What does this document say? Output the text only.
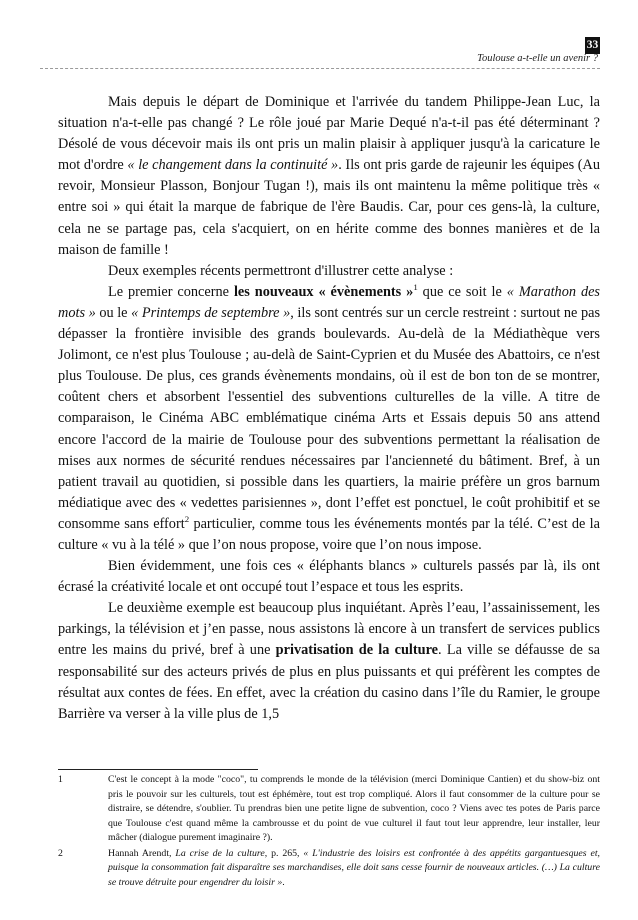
33
Toulouse a-t-elle un avenir ?

Mais depuis le départ de Dominique et l'arrivée du tandem Philippe-Jean Luc, la situation n'a-t-elle pas changé ? Le rôle joué par Marie Dequé n'a-t-il pas été déterminant ? Désolé de vous décevoir mais ils ont pris un malin plaisir à appliquer jusqu'à la caricature le mot d'ordre « le changement dans la continuité ». Ils ont pris garde de rajeunir les équipes (Au revoir, Monsieur Plasson, Bonjour Tugan !), mais ils ont maintenu la même politique très « entre soi » qui était la marque de fabrique de l'ère Baudis. Car, pour ces gens-là, la culture, cela ne se partage pas, cela s'acquiert, on en hérite comme des bonnes manières et de la maison de famille !

Deux exemples récents permettront d'illustrer cette analyse :

Le premier concerne les nouveaux « évènements »$^1$ que ce soit le « Marathon des mots » ou le « Printemps de septembre », ils sont centrés sur un cercle restreint : surtout ne pas dépasser la frontière invisible des grands boulevards. Au-delà de la Médiathèque vers Jolimont, ce n'est plus Toulouse ; au-delà de Saint-Cyprien et du Musée des Abattoirs, ce n'est plus Toulouse. De plus, ces grands évènements mondains, où il est de bon ton de se montrer, coûtent chers et absorbent l'essentiel des subventions culturelles de la ville. A titre de comparaison, le Cinéma ABC emblématique cinéma Arts et Essais depuis 50 ans attend encore l'accord de la mairie de Toulouse pour des subventions permettant la réalisation de mises aux normes de sécurité rendues nécessaires par l'ancienneté du bâtiment. Bref, à un patient travail au quotidien, si possible dans les quartiers, la mairie préfère un gros barnum médiatique avec des « vedettes parisiennes », dont l’effet est ponctuel, le coût prohibitif et se consomme sans effort$^2$ particulier, comme tous les événements montés par la télé. C’est de la culture « vu à la télé » que l’on nous propose, voire que l’on nous impose.

Bien évidemment, une fois ces « éléphants blancs » culturels passés par là, ils ont écrasé la créativité locale et ont occupé tout l’espace et tous les esprits.

Le deuxième exemple est beaucoup plus inquiétant. Après l’eau, l’assainissement, les parkings, la télévision et j’en passe, nous assistons là encore à un transfert de services publics entre les mains du privé, bref à une privatisation de la culture. La ville se défausse de sa responsabilité sur des acteurs privés de plus en plus puissants et qui préfèrent les comptes de résultat aux contes de fées. En effet, avec la création du casino dans l’île du Ramier, le groupe Barrière va verser à la ville plus de 1,5

1	C'est le concept à la mode "coco", tu comprends le monde de la télévision (merci Dominique Cantien) et du show-biz ont pris le pouvoir sur les culturels, tout est éphémère, tout est trop compliqué. Alors il faut consommer de la culture pour se distraire, se détendre, s'oublier. Tu prendras bien une petite ligne de subvention, coco ? Viens avec tes potes de Paris parce que Toulouse c'est quand même la cambrousse et du point de vue culturel il faut tout leur apprendre, leur installer, leur mâcher (dialogue purement imaginaire ?).
2	Hannah Arendt, La crise de la culture, p. 265, « L'industrie des loisirs est confrontée à des appétits gargantuesques et, puisque la consommation fait disparaître ses marchandises, elle doit sans cesse fournir de nouveaux articles. (…) La culture se trouve détruite pour engendrer du loisir ».
